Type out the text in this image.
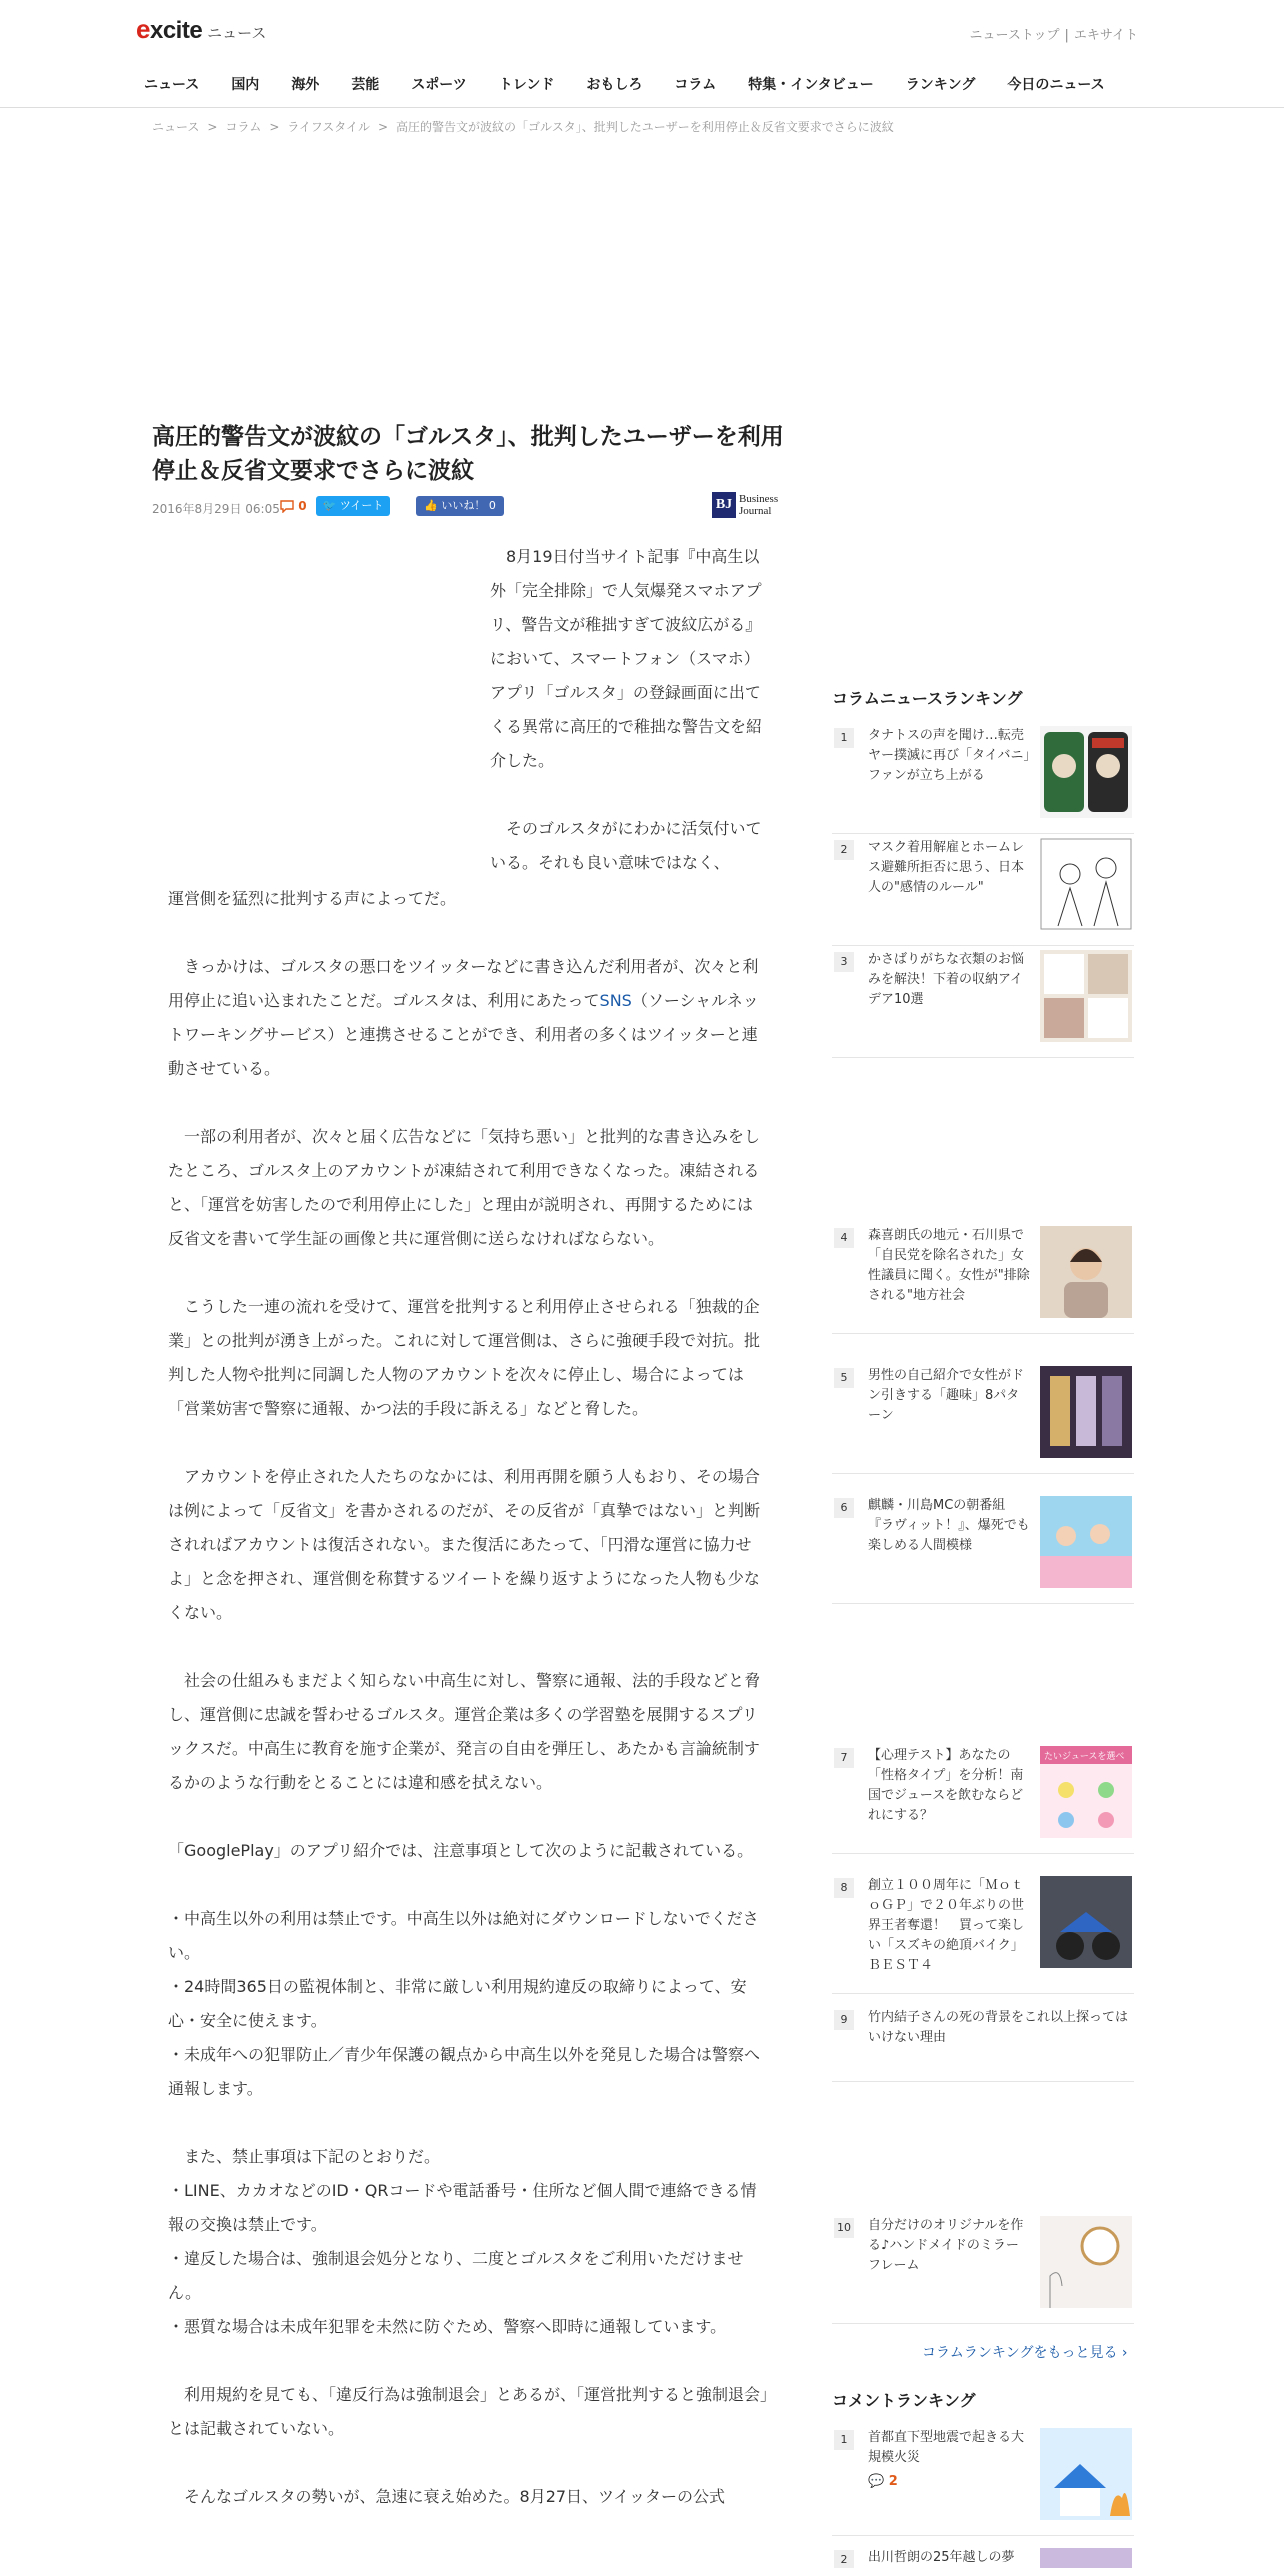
excite ニュース	ニューストップ | エキサイト
ニュース 国内 海外 芸能 スポーツ トレンド おもしろ コラム 特集・インタビュー ランキング 今日のニュース
ニュース > コラム > ライフスタイル > 高圧的警告文が波紋の「ゴルスタ」、批判したユーザーを利用停止＆反省文要求でさらに波紋
高圧的警告文が波紋の「ゴルスタ」、批判したユーザーを利用停止＆反省文要求でさらに波紋
2016年8月29日 06:05	0	🐦 ツイート	👍 いいね！ 0	BJ Business
Journal

8月19日付当サイト記事『中高生以外「完全排除」で人気爆発スマホアプリ、警告文が稚拙すぎて波紋広がる』において、スマートフォン（スマホ）アプリ「ゴルスタ」の登録画面に出てくる異常に高圧的で稚拙な警告文を紹介した。

そのゴルスタがにわかに活気付いている。それも良い意味ではなく、

運営側を猛烈に批判する声によってだ。

きっかけは、ゴルスタの悪口をツイッターなどに書き込んだ利用者が、次々と利用停止に追い込まれたことだ。ゴルスタは、利用にあたってSNS（ソーシャルネットワーキングサービス）と連携させることができ、利用者の多くはツイッターと連動させている。

一部の利用者が、次々と届く広告などに「気持ち悪い」と批判的な書き込みをしたところ、ゴルスタ上のアカウントが凍結されて利用できなくなった。凍結されると、「運営を妨害したので利用停止にした」と理由が説明され、再開するためには反省文を書いて学生証の画像と共に運営側に送らなければならない。

こうした一連の流れを受けて、運営を批判すると利用停止させられる「独裁的企業」との批判が湧き上がった。これに対して運営側は、さらに強硬手段で対抗。批判した人物や批判に同調した人物のアカウントを次々に停止し、場合によっては「営業妨害で警察に通報、かつ法的手段に訴える」などと脅した。

アカウントを停止された人たちのなかには、利用再開を願う人もおり、その場合は例によって「反省文」を書かされるのだが、その反省が「真摯ではない」と判断されればアカウントは復活されない。また復活にあたって、「円滑な運営に協力せよ」と念を押され、運営側を称賛するツイートを繰り返すようになった人物も少なくない。

社会の仕組みもまだよく知らない中高生に対し、警察に通報、法的手段などと脅し、運営側に忠誠を誓わせるゴルスタ。運営企業は多くの学習塾を展開するスプリックスだ。中高生に教育を施す企業が、発言の自由を弾圧し、あたかも言論統制するかのような行動をとることには違和感を拭えない。

「GooglePlay」のアプリ紹介では、注意事項として次のように記載されている。

・中高生以外の利用は禁止です。中高生以外は絶対にダウンロードしないでください。
・24時間365日の監視体制と、非常に厳しい利用規約違反の取締りによって、安心・安全に使えます。
・未成年への犯罪防止／青少年保護の観点から中高生以外を発見した場合は警察へ通報します。

また、禁止事項は下記のとおりだ。
・LINE、カカオなどのID・QRコードや電話番号・住所など個人間で連絡できる情報の交換は禁止です。
・違反した場合は、強制退会処分となり、二度とゴルスタをご利用いただけません。
・悪質な場合は未成年犯罪を未然に防ぐため、警察へ即時に通報しています。

利用規約を見ても、「違反行為は強制退会」とあるが、「運営批判すると強制退会」とは記載されていない。

そんなゴルスタの勢いが、急速に衰え始めた。8月27日、ツイッターの公式

コラムニュースランキング
1	タナトスの声を聞け…転売ヤー撲滅に再び「タイバニ」ファンが立ち上がる
2	マスク着用解雇とホームレス避難所拒否に思う、日本人の"感情のルール"
3	かさばりがちな衣類のお悩みを解決！下着の収納アイデア10選
4	森喜朗氏の地元・石川県で「自民党を除名された」女性議員に聞く。女性が"排除される"地方社会
5	男性の自己紹介で女性がドン引きする「趣味」8パターン
6	麒麟・川島MCの朝番組『ラヴィット！』、爆死でも楽しめる人間模様
7	【心理テスト】あなたの「性格タイプ」を分析！南国でジュースを飲むならどれにする？
たいジュースを選べ
8	創立１００周年に「ＭｏｔｏＧＰ」で２０年ぶりの世界王者奪還！　買って楽しい「スズキの絶頂バイク」ＢＥＳＴ４
9	竹内結子さんの死の背景をこれ以上探ってはいけない理由
10 自分だけのオリジナルを作る♪ハンドメイドのミラーフレーム
コラムランキングをもっと見る ›
コメントランキング
1	首都直下型地震で起きる大規模火災
💬 2
2	出川哲朗の25年越しの夢
